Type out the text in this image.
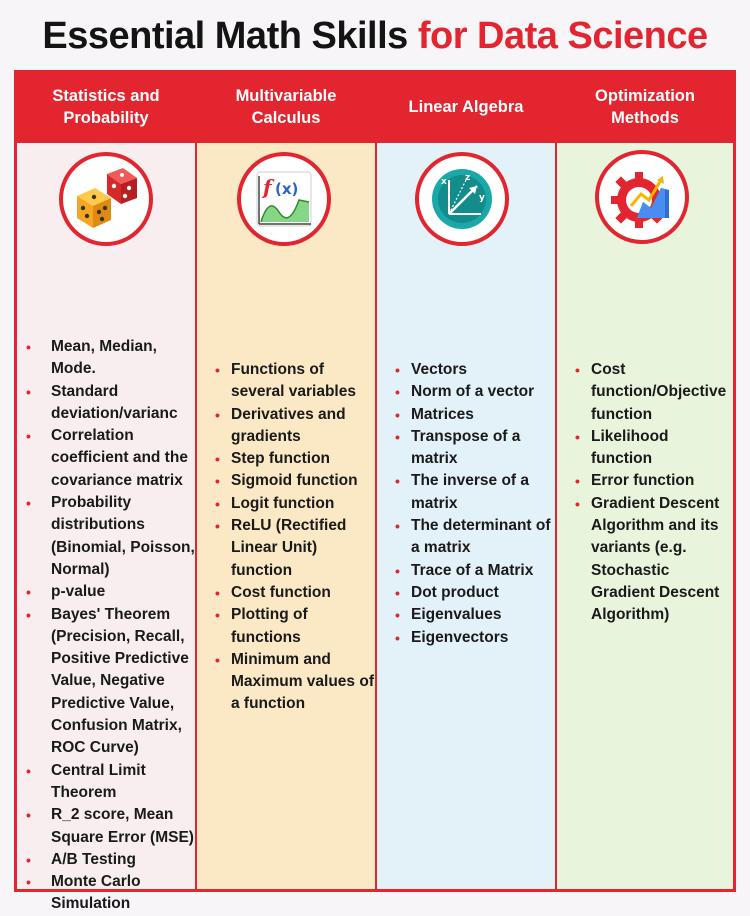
Essential Math Skills for Data Science
Statistics and Probability
• Mean, Median, Mode.
• Standard deviation/varianc
• Correlation coefficient and the covariance matrix
• Probability distributions (Binomial, Poisson, Normal)
• p-value
• Bayes' Theorem (Precision, Recall, Positive Predictive Value, Negative Predictive Value, Confusion Matrix, ROC Curve)
• Central Limit Theorem
• R_2 score, Mean Square Error (MSE)
• A/B Testing
• Monte Carlo Simulation
Multivariable Calculus
f (x)
• Functions of several variables
• Derivatives and gradients
• Step function
• Sigmoid function
• Logit function
• ReLU (Rectified Linear Unit) function
• Cost function
• Plotting of functions
• Minimum and Maximum values of a function
Linear Algebra
z
y
x
• Vectors
• Norm of a vector
• Matrices
• Transpose of a matrix
• The inverse of a matrix
• The determinant of a matrix
• Trace of a Matrix
• Dot product
• Eigenvalues
• Eigenvectors
Optimization Methods
• Cost function/Objective function
• Likelihood function
• Error function
• Gradient Descent Algorithm and its variants (e.g. Stochastic Gradient Descent Algorithm)
